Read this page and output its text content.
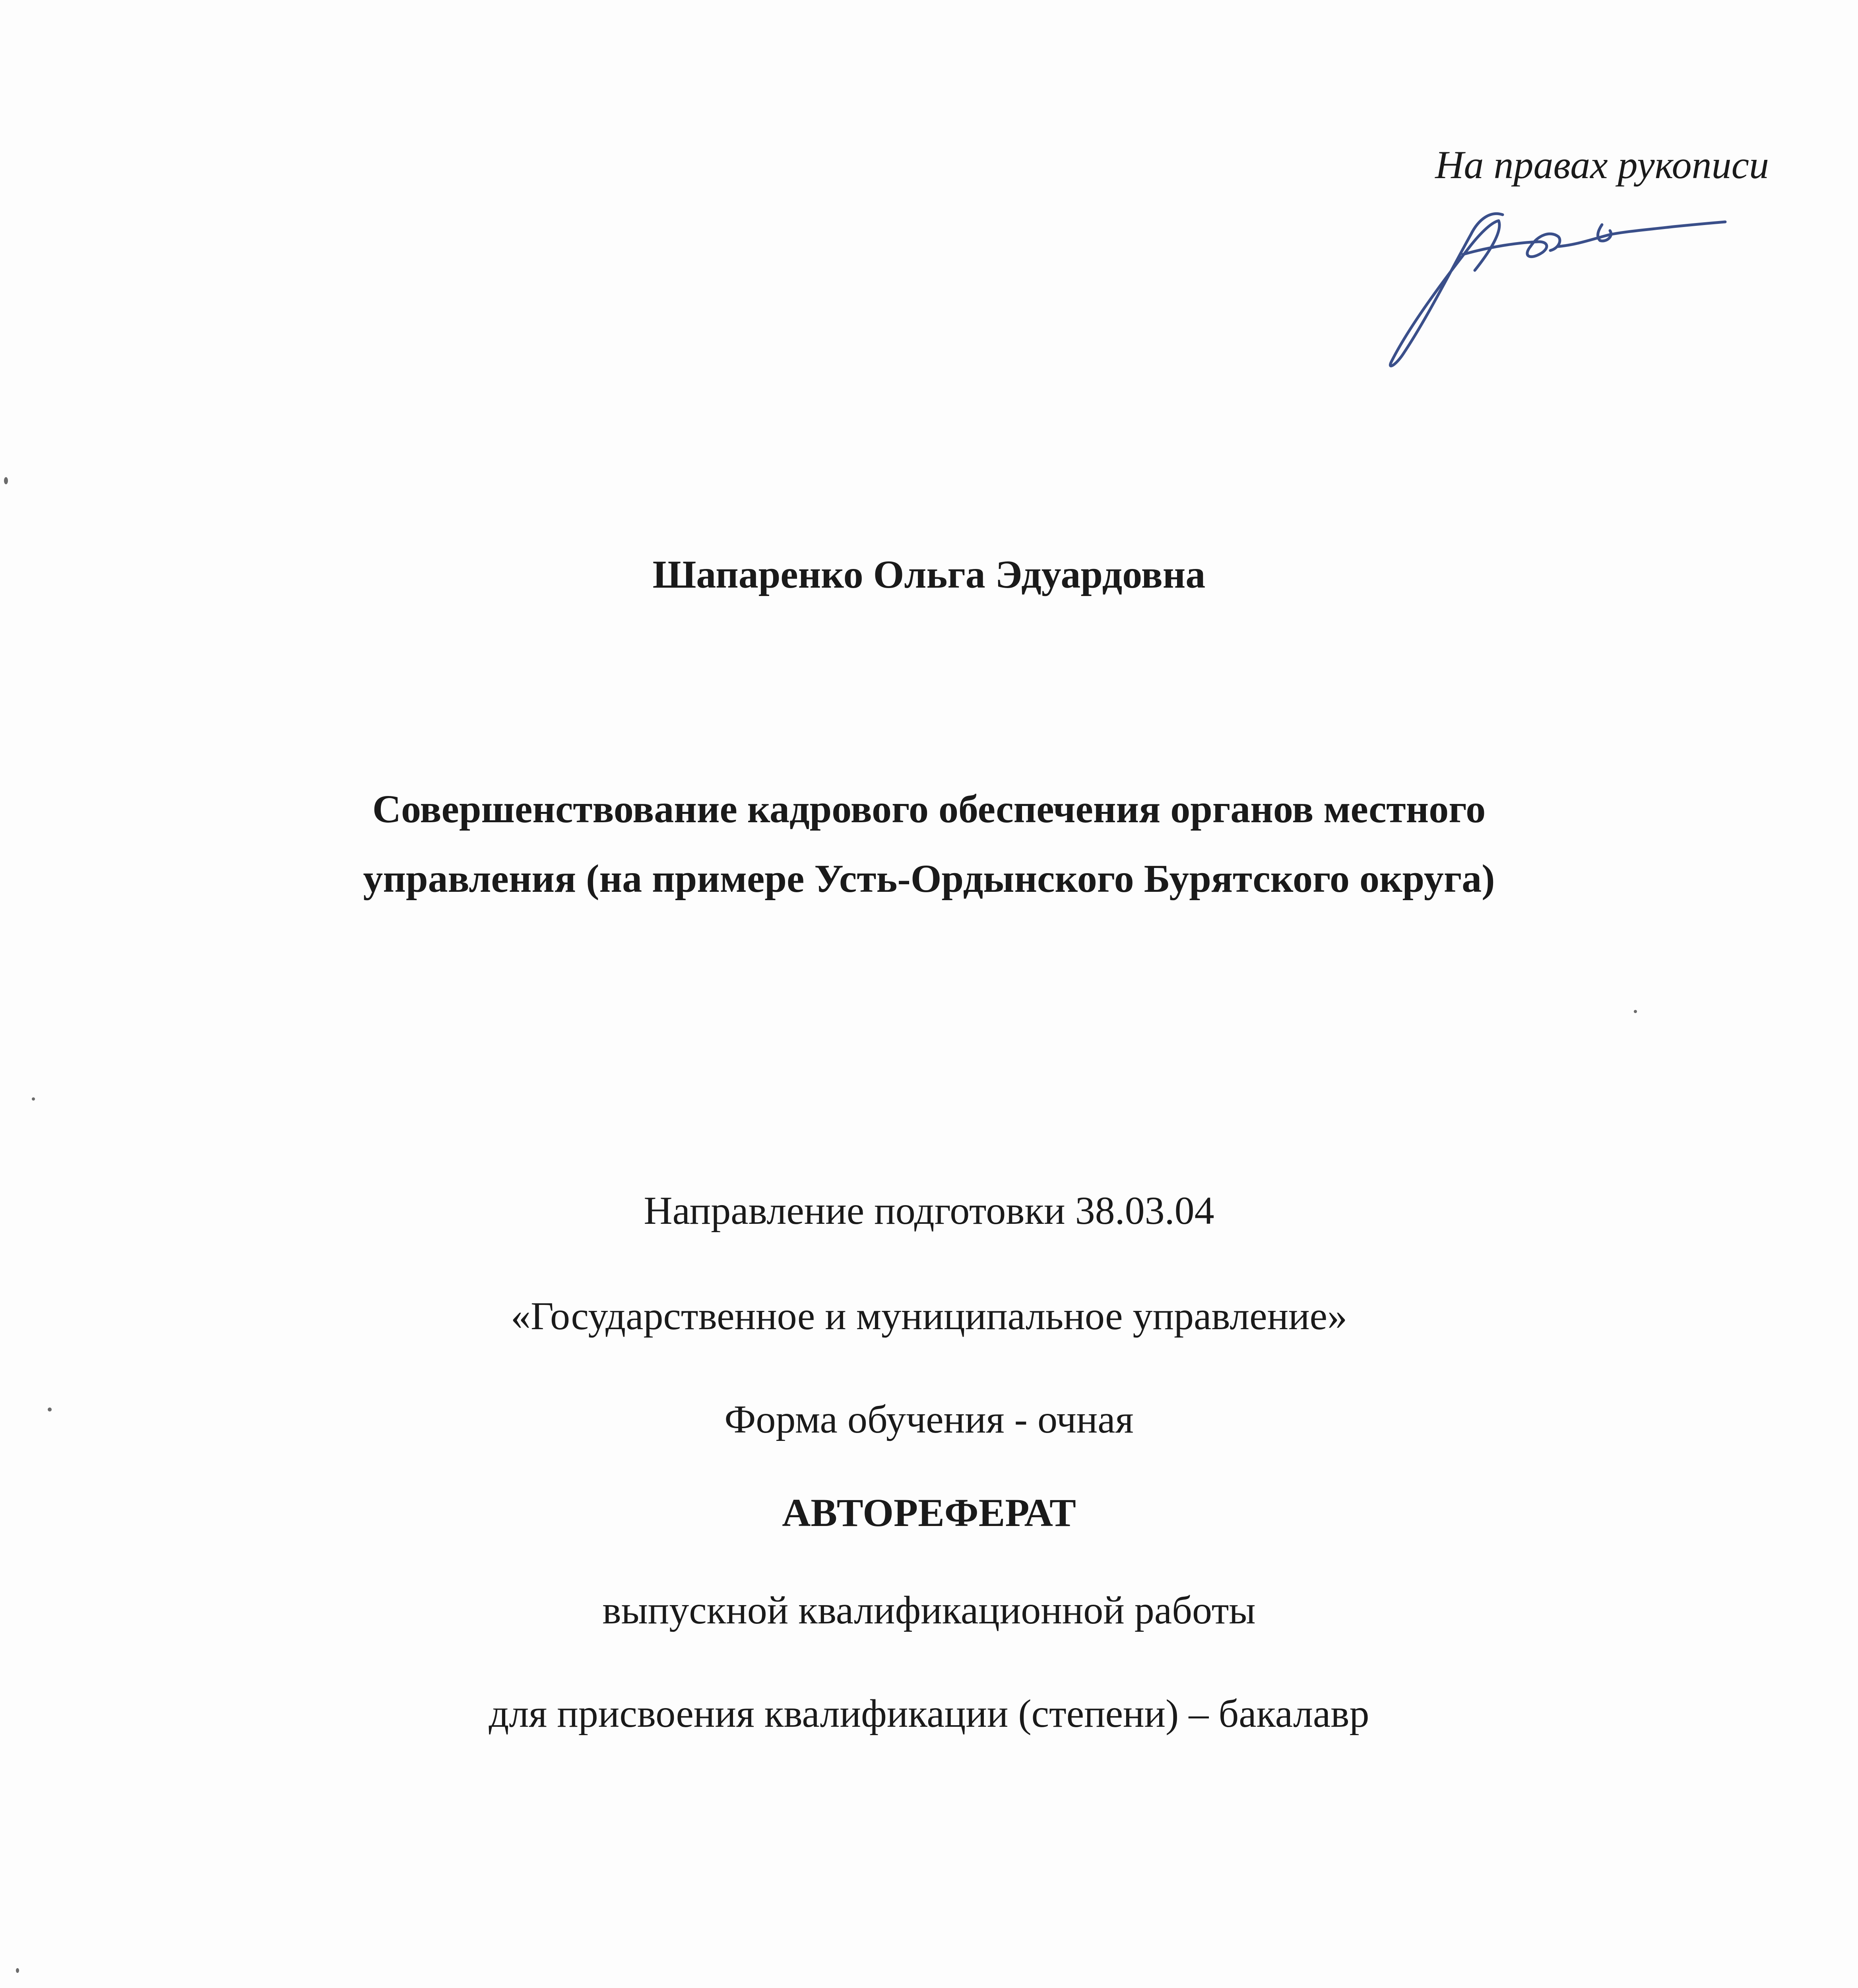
На правах рукописи

Шапаренко Ольга Эдуардовна

Совершенствование кадрового обеспечения органов местного

управления (на примере Усть-Ордынского Бурятского округа)

Направление подготовки 38.03.04

«Государственное и муниципальное управление»

Форма обучения - очная

АВТОРЕФЕРАТ

выпускной квалификационной работы

для присвоения квалификации (степени) – бакалавр
